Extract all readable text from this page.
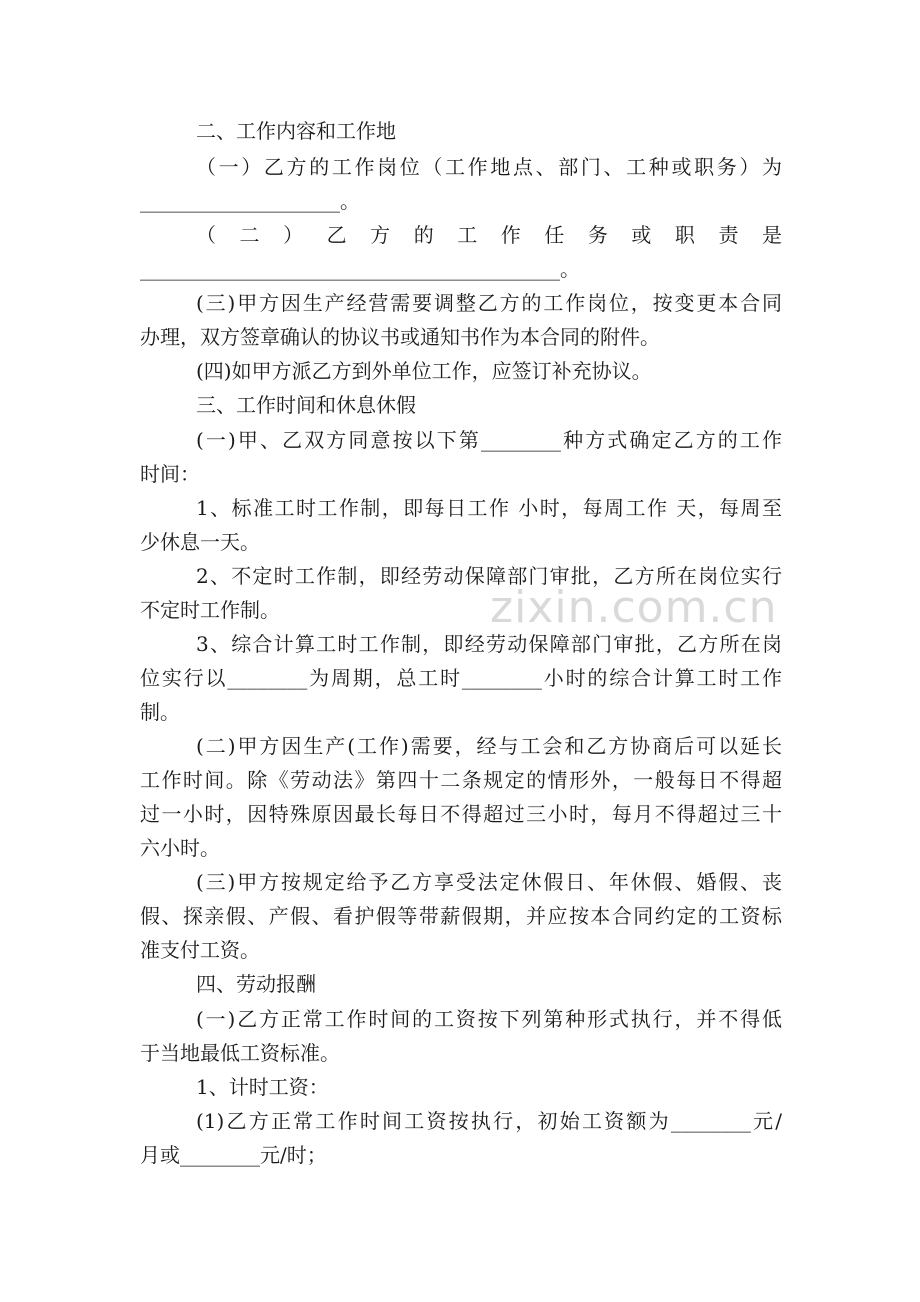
二、工作内容和工作地
（一）乙方的工作岗位（工作地点、部门、工种或职务）为
____________________。
（ 二 ） 乙 方 的 工 作 任 务 或 职 责 是
__________________________________________。
(三)甲方因生产经营需要调整乙方的工作岗位，按变更本合同
办理，双方签章确认的协议书或通知书作为本合同的附件。
(四)如甲方派乙方到外单位工作，应签订补充协议。
三、工作时间和休息休假
(一)甲、乙双方同意按以下第________种方式确定乙方的工作
时间：
1、标准工时工作制，即每日工作 小时，每周工作 天，每周至
少休息一天。
2、不定时工作制，即经劳动保障部门审批，乙方所在岗位实行
不定时工作制。
3、综合计算工时工作制，即经劳动保障部门审批，乙方所在岗
位实行以________为周期，总工时________小时的综合计算工时工作
制。
(二)甲方因生产(工作)需要，经与工会和乙方协商后可以延长
工作时间。除《劳动法》第四十二条规定的情形外，一般每日不得超
过一小时，因特殊原因最长每日不得超过三小时，每月不得超过三十
六小时。
(三)甲方按规定给予乙方享受法定休假日、年休假、婚假、丧
假、探亲假、产假、看护假等带薪假期，并应按本合同约定的工资标
准支付工资。
四、劳动报酬
(一)乙方正常工作时间的工资按下列第种形式执行，并不得低
于当地最低工资标准。
1、计时工资：
(1)乙方正常工作时间工资按执行，初始工资额为________元/
月或________元/时；
zixin.com.cn
